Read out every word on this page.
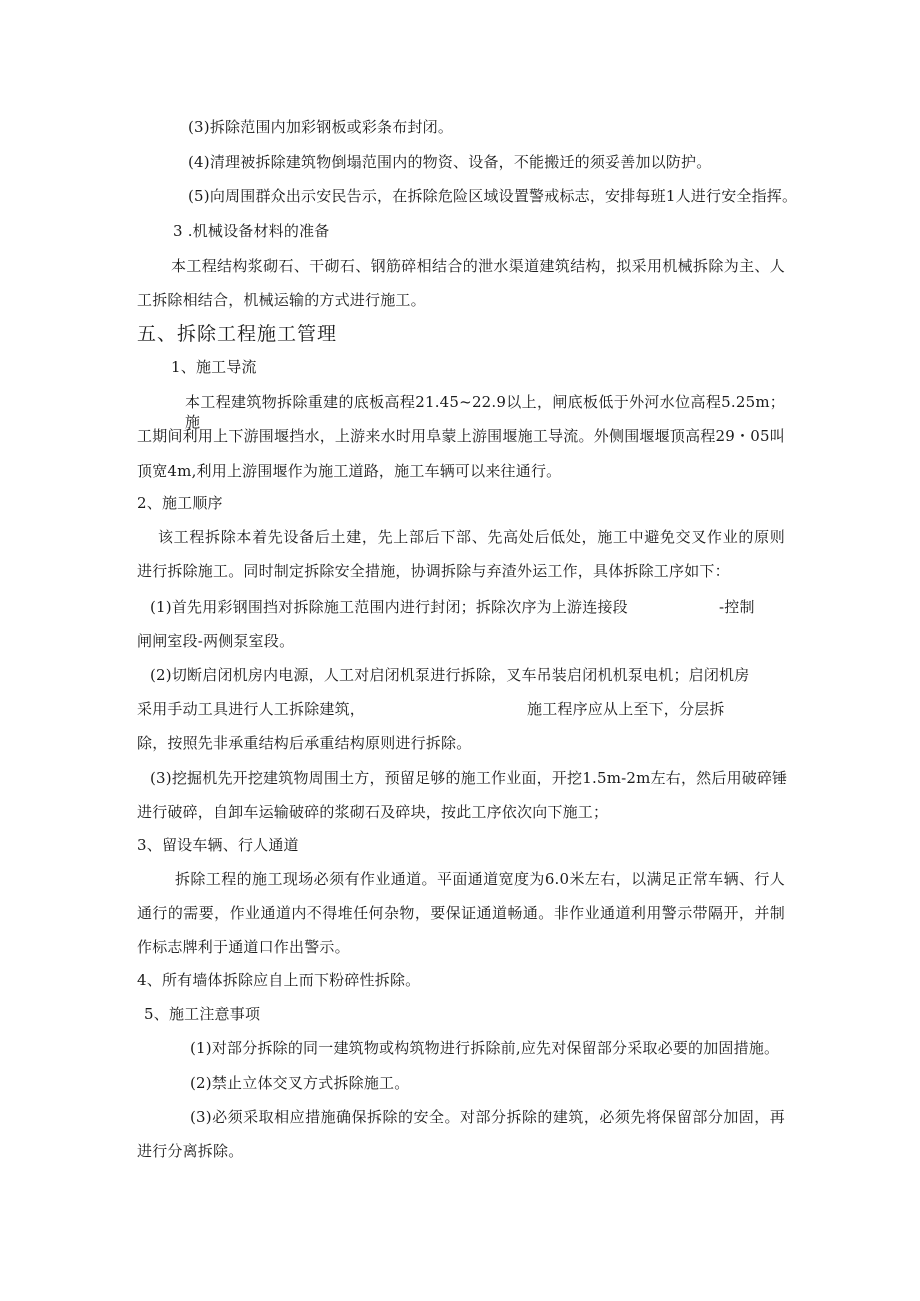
(3)拆除范围内加彩钢板或彩条布封闭。
(4)清理被拆除建筑物倒塌范围内的物资、设备，不能搬迁的须妥善加以防护。
(5)向周围群众出示安民告示，在拆除危险区域设置警戒标志，安排每班1人进行安全指挥。
3 .机械设备材料的准备
本工程结构浆砌石、干砌石、钢筋碎相结合的泄水渠道建筑结构，拟采用机械拆除为主、人
工拆除相结合，机械运输的方式进行施工。
五、拆除工程施工管理
1、施工导流
本工程建筑物拆除重建的底板高程21.45~22.9以上，闸底板低于外河水位高程5.25m；施
工期间利用上下游围堰挡水，上游来水时用阜蒙上游围堰施工导流。外侧围堰堰顶高程29・05叫
顶宽4m,利用上游围堰作为施工道路，施工车辆可以来往通行。
2、施工顺序
该工程拆除本着先设备后土建，先上部后下部、先高处后低处，施工中避免交叉作业的原则
进行拆除施工。同时制定拆除安全措施，协调拆除与弃渣外运工作，具体拆除工序如下：
(1)首先用彩钢围挡对拆除施工范围内进行封闭；拆除次序为上游连接段	-控制
闸闸室段-两侧泵室段。
(2)切断启闭机房内电源，人工对启闭机泵进行拆除，叉车吊装启闭机机泵电机；启闭机房
采用手动工具进行人工拆除建筑，	施工程序应从上至下，分层拆
除，按照先非承重结构后承重结构原则进行拆除。
(3)挖掘机先开挖建筑物周围土方，预留足够的施工作业面，开挖1.5m-2m左右，然后用破碎锤
进行破碎，自卸车运输破碎的浆砌石及碎块，按此工序依次向下施工；
3、留设车辆、行人通道
拆除工程的施工现场必须有作业通道。平面通道宽度为6.0米左右，以满足正常车辆、行人
通行的需要，作业通道内不得堆任何杂物，要保证通道畅通。非作业通道利用警示带隔开，并制
作标志牌利于通道口作出警示。
4、所有墙体拆除应自上而下粉碎性拆除。
5、施工注意事项
(1)对部分拆除的同一建筑物或构筑物进行拆除前,应先对保留部分采取必要的加固措施。
(2)禁止立体交叉方式拆除施工。
(3)必须采取相应措施确保拆除的安全。对部分拆除的建筑，必须先将保留部分加固，再
进行分离拆除。
